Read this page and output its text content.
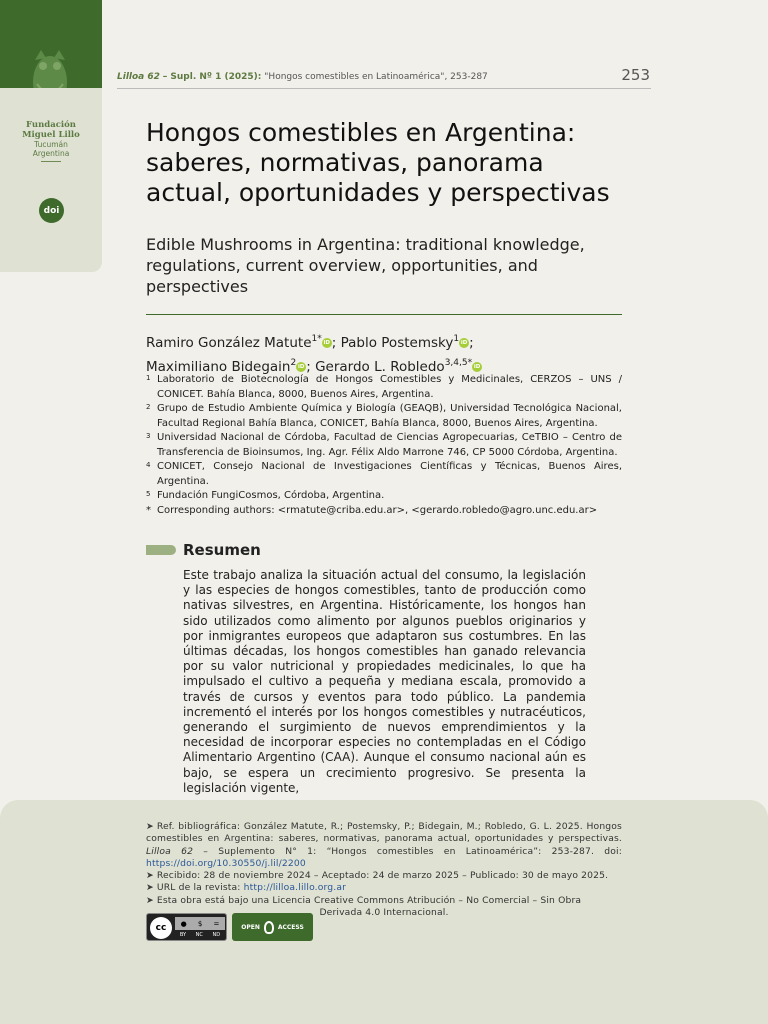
Fundación Miguel Lillo
Tucumán
Argentina
doi
Lilloa 62 – Supl. Nº 1 (2025): "Hongos comestibles en Latinoamérica", 253-287	253
Hongos comestibles en Argentina: saberes, normativas, panorama actual, oportunidades y perspectivas
Edible Mushrooms in Argentina: traditional knowledge, regulations, current overview, opportunities, and perspectives
Ramiro González Matute$^{1*}$ iD ; Pablo Postemsky$^1$ iD ;
Maximiliano Bidegain$^2$ iD ; Gerardo L. Robledo$^{3,4,5*}$ iD
1 Laboratorio de Biotecnología de Hongos Comestibles y Medicinales, CERZOS – UNS / CONICET. Bahía Blanca, 8000, Buenos Aires, Argentina.
2 Grupo de Estudio Ambiente Química y Biología (GEAQB), Universidad Tecnológica Nacional, Facultad Regional Bahía Blanca, CONICET, Bahía Blanca, 8000, Buenos Aires, Argentina.
3 Universidad Nacional de Córdoba, Facultad de Ciencias Agropecuarias, CeTBIO – Centro de Transferencia de Bioinsumos, Ing. Agr. Félix Aldo Marrone 746, CP 5000 Córdoba, Argentina.
4 CONICET, Consejo Nacional de Investigaciones Científicas y Técnicas, Buenos Aires, Argentina.
5 Fundación FungiCosmos, Córdoba, Argentina.
* Corresponding authors: <rmatute@criba.edu.ar>, <gerardo.robledo@agro.unc.edu.ar>
Resumen

Este trabajo analiza la situación actual del consumo, la legislación y las especies de hongos comestibles, tanto de producción como nativas silvestres, en Argentina. Históricamente, los hongos han sido utilizados como alimento por algunos pueblos originarios y por inmigrantes europeos que adaptaron sus costumbres. En las últimas décadas, los hongos comestibles han ganado relevancia por su valor nutricional y propiedades medicinales, lo que ha impulsado el cultivo a pequeña y mediana escala, promovido a través de cursos y eventos para todo público. La pandemia incrementó el interés por los hongos comestibles y nutracéuticos, generando el surgimiento de nuevos emprendimientos y la necesidad de incorporar especies no contempladas en el Código Alimentario Argentino (CAA). Aunque el consumo nacional aún es bajo, se espera un crecimiento progresivo. Se presenta la legislación vigente,

➤ Ref. bibliográfica: González Matute, R.; Postemsky, P.; Bidegain, M.; Robledo, G. L. 2025. Hongos comestibles en Argentina: saberes, normativas, panorama actual, oportunidades y perspectivas. Lilloa 62 – Suplemento N° 1: “Hongos comestibles en Latinoamérica”: 253-287. doi: https://doi.org/10.30550/j.lil/2200
➤ Recibido: 28 de noviembre 2024 – Aceptado: 24 de marzo 2025 – Publicado: 30 de mayo 2025.
➤ URL de la revista: http://lilloa.lillo.org.ar
➤ Esta obra está bajo una Licencia Creative Commons Atribución – No Comercial – Sin Obra
Derivada 4.0 Internacional.
cc	● $ =
BY NC ND
OPEN	ACCESS
